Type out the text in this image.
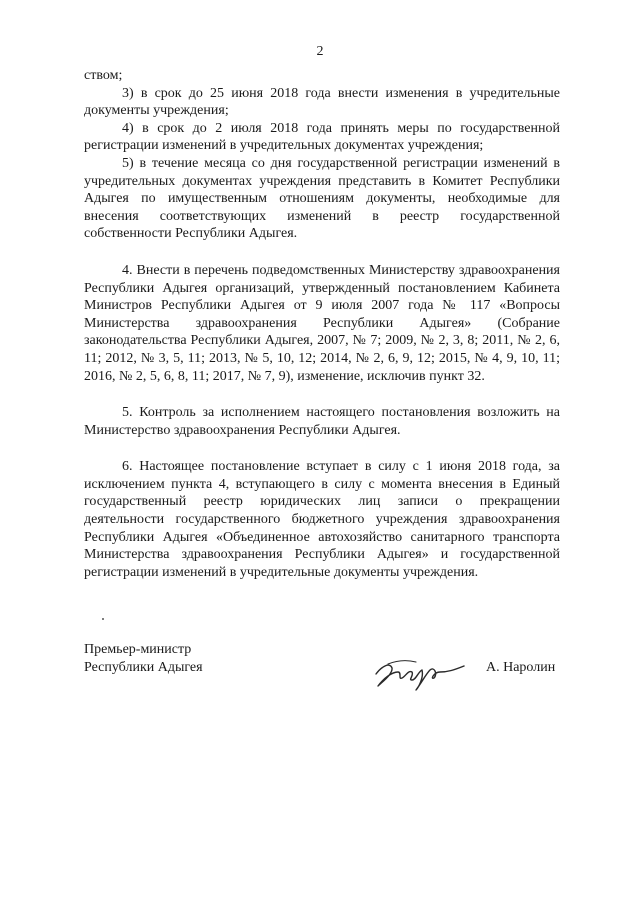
2

ством;

3) в срок до 25 июня 2018 года внести изменения в учредительные документы учреждения;

4) в срок до 2 июля 2018 года принять меры по государственной регистрации изменений в учредительных документах учреждения;

5) в течение месяца со дня государственной регистрации изменений в учредительных документах учреждения представить в Комитет Республики Адыгея по имущественным отношениям документы, необходимые для внесения соответствующих изменений в реестр государственной собственности Республики Адыгея.

4. Внести в перечень подведомственных Министерству здравоохранения Республики Адыгея организаций, утвержденный постановлением Кабинета Министров Республики Адыгея от 9 июля 2007 года № 117 «Вопросы Министерства здравоохранения Республики Адыгея» (Собрание законодательства Республики Адыгея, 2007, № 7; 2009, № 2, 3, 8; 2011, № 2, 6, 11; 2012, № 3, 5, 11; 2013, № 5, 10, 12; 2014, № 2, 6, 9, 12; 2015, № 4, 9, 10, 11; 2016, № 2, 5, 6, 8, 11; 2017, № 7, 9), изменение, исключив пункт 32.

5. Контроль за исполнением настоящего постановления возложить на Министерство здравоохранения Республики Адыгея.

6. Настоящее постановление вступает в силу с 1 июня 2018 года, за исключением пункта 4, вступающего в силу с момента внесения в Единый государственный реестр юридических лиц записи о прекращении деятельности государственного бюджетного учреждения здравоохранения Республики Адыгея «Объединенное автохозяйство санитарного транспорта Министерства здравоохранения Республики Адыгея» и государственной регистрации изменений в учредительные документы учреждения.

Премьер-министр
Республики Адыгея	А. Наролин
